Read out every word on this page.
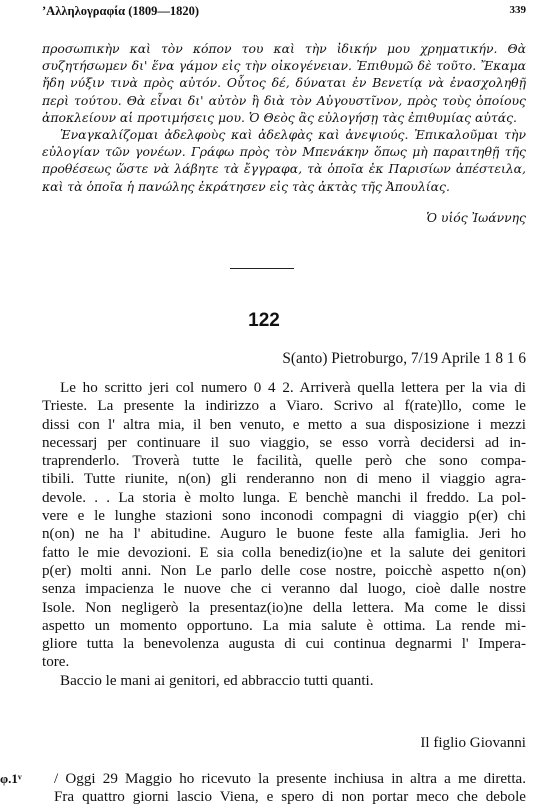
’Αλληλογραφία (1809—1820)	339

προσωπικὴν καὶ τὸν κόπον του καὶ τὴν ἰδικήν μου χρηματικήν. Θὰ συζητήσωμεν δι' ἕνα γάμον εἰς τὴν οἰκογένειαν. Ἐπιθυμῶ δὲ τοῦτο. Ἔκαμα ἤδη νύξιν τινὰ πρὸς αὐτόν. Οὗτος δέ, δύναται ἐν Βενετίᾳ νὰ ἐνασχοληθῇ περὶ τούτου. Θὰ εἶναι δι' αὐτὸν ἢ διὰ τὸν Αὐγουστῖνον, πρὸς τοὺς ὁποίους ἀποκλείουν αἱ προτιμήσεις μου. Ὁ Θεὸς ἂς εὐλογήσῃ τὰς ἐπιθυμίας αὐτάς.

Ἐναγκαλίζομαι ἀδελφοὺς καὶ ἀδελφὰς καὶ ἀνεψιούς. Ἐπικαλοῦμαι τὴν εὐλογίαν τῶν γονέων. Γράφω πρὸς τὸν Μπενάκην ὅπως μὴ παραιτηθῇ τῆς προθέσεως ὥστε νὰ λάβητε τὰ ἔγγραφα, τὰ ὁποῖα ἐκ Παρισίων ἀπέστειλα, καὶ τὰ ὁποῖα ἡ πανώλης ἐκράτησεν εἰς τὰς ἀκτὰς τῆς Ἀπουλίας.

Ὁ υἱός Ἰωάννης
122
S(anto) Pietroburgo, 7/19 Aprile 1 8 1 6
Le ho scritto jeri col numero 0 4 2. Arriverà quella lettera per la via di
Trieste. La presente la indirizzo a Viaro. Scrivo al f(rate)llo, come le
dissi con l' altra mia, il ben venuto, e metto a sua disposizione i mezzi
necessarj per continuare il suo viaggio, se esso vorrà decidersi ad in-
traprenderlo. Troverà tutte le facilità, quelle però che sono compa-
tibili. Tutte riunite, n(on) gli renderanno non di meno il viaggio agra-
devole. . . La storia è molto lunga. E benchè manchi il freddo. La pol-
vere e le lunghe stazioni sono inconodi compagni di viaggio p(er) chi
n(on) ne ha l' abitudine. Auguro le buone feste alla famiglia. Jeri ho
fatto le mie devozioni. E sia colla benediz(io)ne et la salute dei genitori
p(er) molti anni. Non Le parlo delle cose nostre, poicchè aspetto n(on)
senza impacienza le nuove che ci veranno dal luogo, cioè dalle nostre
Isole. Non negligerò la presentaz(io)ne della lettera. Ma come le dissi
aspetto un momento opportuno. La mia salute è ottima. La rende mi-
gliore tutta la benevolenza augusta di cui continua degnarmi l' Impera-
tore.
Baccio le mani ai genitori, ed abbraccio tutti quanti.
Il figlio Giovanni
φ.1ᵛ / Oggi 29 Maggio ho ricevuto la presente inchiusa in altra a me diretta.
Fra quattro giorni lascio Viena, e spero di non portar meco che debole
